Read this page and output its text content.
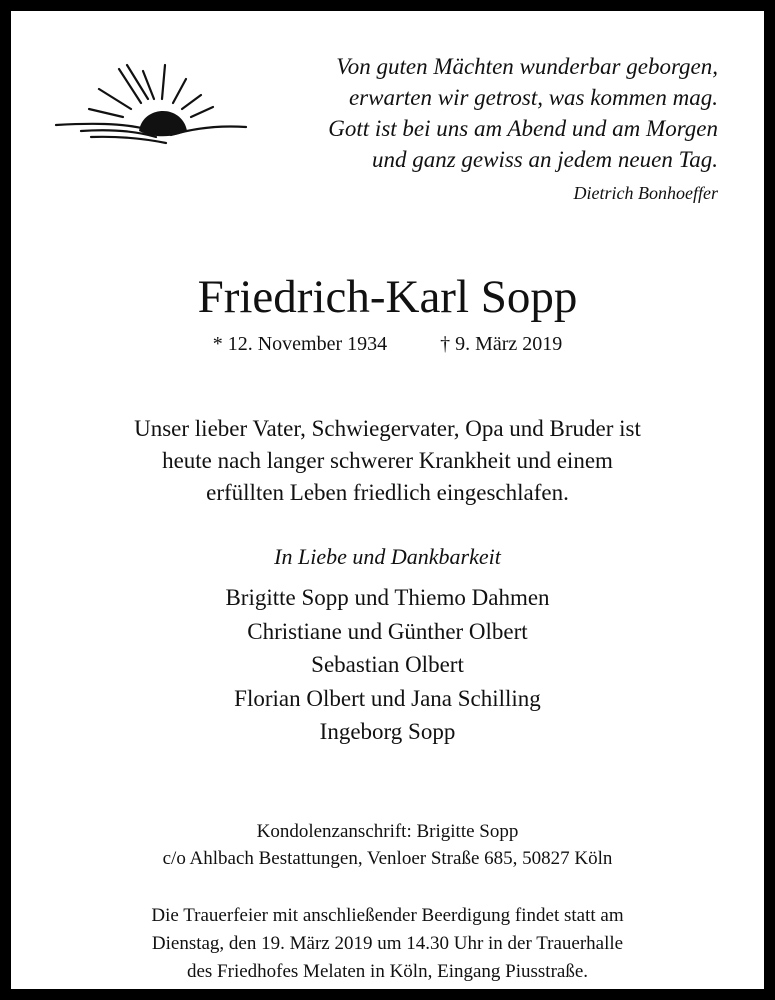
Von guten Mächten wunderbar geborgen,
erwarten wir getrost, was kommen mag.
Gott ist bei uns am Abend und am Morgen
und ganz gewiss an jedem neuen Tag.
Dietrich Bonhoeffer
Friedrich-Karl Sopp
* 12. November 1934	† 9. März 2019
Unser lieber Vater, Schwiegervater, Opa und Bruder ist
heute nach langer schwerer Krankheit und einem
erfüllten Leben friedlich eingeschlafen.
In Liebe und Dankbarkeit
Brigitte Sopp und Thiemo Dahmen
Christiane und Günther Olbert
Sebastian Olbert
Florian Olbert und Jana Schilling
Ingeborg Sopp
Kondolenzanschrift: Brigitte Sopp
c/o Ahlbach Bestattungen, Venloer Straße 685, 50827 Köln
Die Trauerfeier mit anschließender Beerdigung findet statt am
Dienstag, den 19. März 2019 um 14.30 Uhr in der Trauerhalle
des Friedhofes Melaten in Köln, Eingang Piusstraße.
